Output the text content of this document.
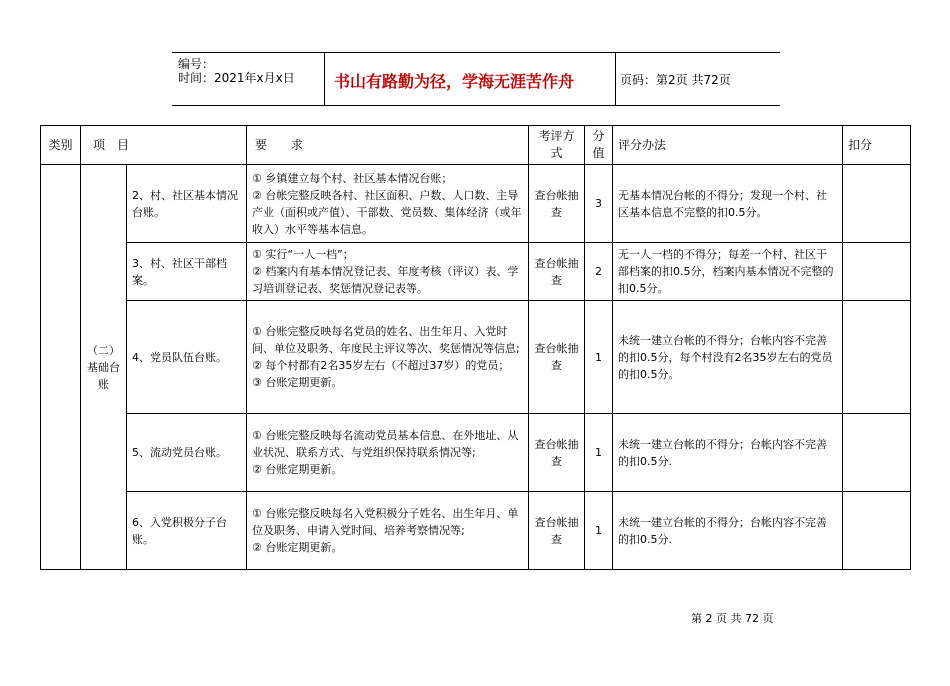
编号：
时间：2021年x月x日 书山有路勤为径，学海无涯苦作舟	页码：第2页 共72页
类别	项　目		要　　求	考评方式	分值	评分办法	扣分
	（二）基础台账	2、村、社区基本情况台账。	① 乡镇建立每个村、社区基本情况台账；
② 台帐完整反映各村、社区面积、户数、人口数、主导产业（面积或产值）、干部数、党员数、集体经济（或年收入）水平等基本信息。	查台帐抽　查	3	无基本情况台帐的不得分；发现一个村、社区基本信息不完整的扣0.5分。	
		3、村、社区干部档案。	① 实行“一人一档”；
② 档案内有基本情况登记表、年度考核（评议）表、学习培训登记表、奖惩情况登记表等。	查台帐抽　查	2	无一人一档的不得分；每差一个村、社区干部档案的扣0.5分，档案内基本情况不完整的扣0.5分。	
		4、党员队伍台账。	① 台账完整反映每名党员的姓名、出生年月、入党时间、单位及职务、年度民主评议等次、奖惩情况等信息;
② 每个村都有2名35岁左右（不超过37岁）的党员；
③ 台账定期更新。	查台帐抽　查	1	未统一建立台帐的不得分；台帐内容不完善的扣0.5分，每个村没有2名35岁左右的党员的扣0.5分。	
		5、流动党员台账。	① 台账完整反映每名流动党员基本信息、在外地址、从业状况、联系方式、与党组织保持联系情况等;
② 台账定期更新。	查台帐抽　查	1	未统一建立台帐的不得分；台帐内容不完善的扣0.5分.	
		6、入党积极分子台账。	① 台账完整反映每名入党积极分子姓名、出生年月、单位及职务、申请入党时间、培养考察情况等;
② 台账定期更新。	查台帐抽　查	1	未统一建立台帐的不得分；台帐内容不完善的扣0.5分.	
第 2 页 共 72 页
